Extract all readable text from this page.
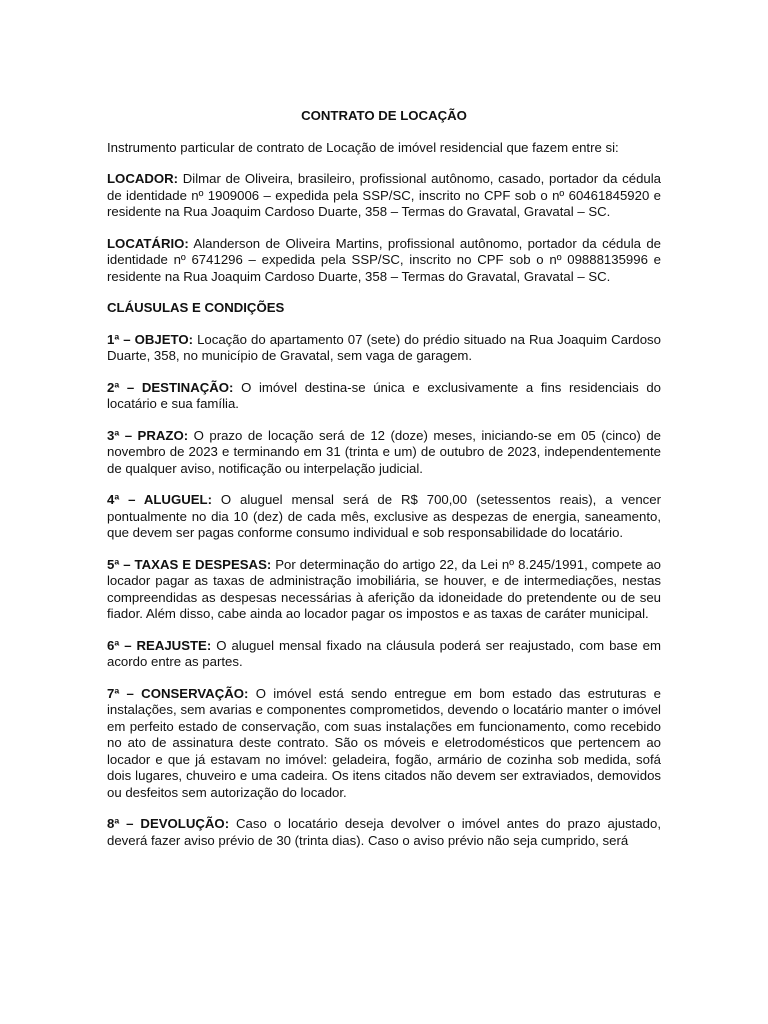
CONTRATO DE LOCAÇÃO

Instrumento particular de contrato de Locação de imóvel residencial que fazem entre si:

LOCADOR: Dilmar de Oliveira, brasileiro, profissional autônomo, casado, portador da cédula de identidade nº 1909006 – expedida pela SSP/SC, inscrito no CPF sob o nº 60461845920 e residente na Rua Joaquim Cardoso Duarte, 358 – Termas do Gravatal, Gravatal – SC.

LOCATÁRIO: Alanderson de Oliveira Martins, profissional autônomo, portador da cédula de identidade nº 6741296 – expedida pela SSP/SC, inscrito no CPF sob o nº 09888135996 e residente na Rua Joaquim Cardoso Duarte, 358 – Termas do Gravatal, Gravatal – SC.

CLÁUSULAS E CONDIÇÕES

1ª – OBJETO: Locação do apartamento 07 (sete) do prédio situado na Rua Joaquim Cardoso Duarte, 358, no município de Gravatal, sem vaga de garagem.

2ª – DESTINAÇÃO: O imóvel destina-se única e exclusivamente a fins residenciais do locatário e sua família.

3ª – PRAZO: O prazo de locação será de 12 (doze) meses, iniciando-se em 05 (cinco) de novembro de 2023 e terminando em 31 (trinta e um) de outubro de 2023, independentemente de qualquer aviso, notificação ou interpelação judicial.

4ª – ALUGUEL: O aluguel mensal será de R$ 700,00 (setessentos reais), a vencer pontualmente no dia 10 (dez) de cada mês, exclusive as despezas de energia, saneamento, que devem ser pagas conforme consumo individual e sob responsabilidade do locatário.

5ª – TAXAS E DESPESAS: Por determinação do artigo 22, da Lei nº 8.245/1991, compete ao locador pagar as taxas de administração imobiliária, se houver, e de intermediações, nestas compreendidas as despesas necessárias à aferição da idoneidade do pretendente ou de seu fiador. Além disso, cabe ainda ao locador pagar os impostos e as taxas de caráter municipal.

6ª – REAJUSTE: O aluguel mensal fixado na cláusula poderá ser reajustado, com base em acordo entre as partes.

7ª – CONSERVAÇÃO: O imóvel está sendo entregue em bom estado das estruturas e instalações, sem avarias e componentes comprometidos, devendo o locatário manter o imóvel em perfeito estado de conservação, com suas instalações em funcionamento, como recebido no ato de assinatura deste contrato. São os móveis e eletrodomésticos que pertencem ao locador e que já estavam no imóvel: geladeira, fogão, armário de cozinha sob medida, sofá dois lugares, chuveiro e uma cadeira. Os itens citados não devem ser extraviados, demovidos ou desfeitos sem autorização do locador.

8ª – DEVOLUÇÃO: Caso o locatário deseja devolver o imóvel antes do prazo ajustado, deverá fazer aviso prévio de 30 (trinta dias). Caso o aviso prévio não seja cumprido, será
